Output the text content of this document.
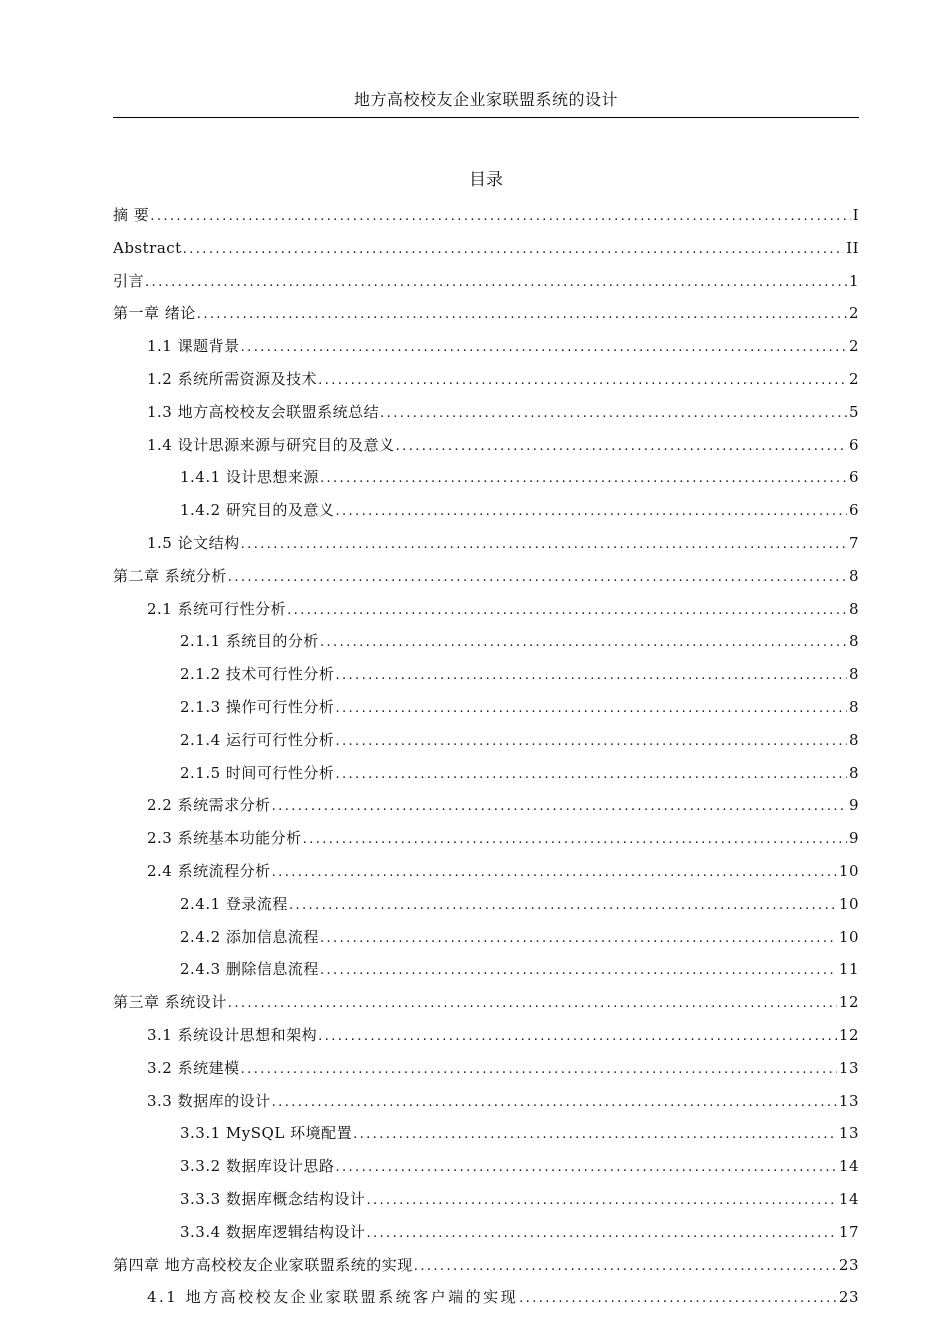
地方高校校友企业家联盟系统的设计
目录
摘 要 .....	I
Abstract .....	II
引言 .....	1
第一章 绪论 .....	2
1.1 课题背景 .....	2
1.2 系统所需资源及技术 .....	2
1.3 地方高校校友会联盟系统总结 .....	5
1.4 设计思源来源与研究目的及意义 .....	6
1.4.1 设计思想来源 .....	6
1.4.2 研究目的及意义 .....	6
1.5 论文结构 .....	7
第二章 系统分析 .....	8
2.1 系统可行性分析 .....	8
2.1.1 系统目的分析 .....	8
2.1.2 技术可行性分析 .....	8
2.1.3 操作可行性分析 .....	8
2.1.4 运行可行性分析 .....	8
2.1.5 时间可行性分析 .....	8
2.2 系统需求分析 .....	9
2.3 系统基本功能分析 .....	9
2.4 系统流程分析 .....	10
2.4.1 登录流程 .....	10
2.4.2 添加信息流程 .....	10
2.4.3 删除信息流程 .....	11
第三章 系统设计 .....	12
3.1 系统设计思想和架构 .....	12
3.2 系统建模 .....	13
3.3 数据库的设计 .....	13
3.3.1 MySQL 环境配置 .....	13
3.3.2 数据库设计思路 .....	14
3.3.3 数据库概念结构设计 .....	14
3.3.4 数据库逻辑结构设计 .....	17
第四章 地方高校校友企业家联盟系统的实现 .....	23
4.1 地方高校校友企业家联盟系统客户端的实现 .....	23
